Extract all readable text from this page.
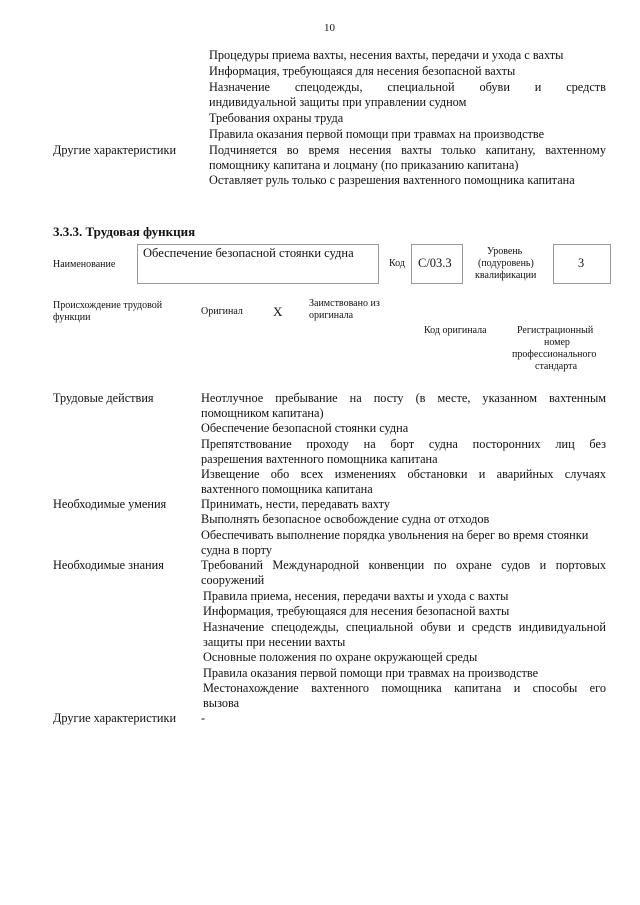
10
Другие характеристики
Процедуры приема вахты, несения вахты, передачи и ухода с вахты
Информация, требующаяся для несения безопасной вахты
Назначение спецодежды, специальной обуви и средств
индивидуальной защиты при управлении судном
Требования охраны труда
Правила оказания первой помощи при травмах на производстве
Подчиняется во время несения вахты только капитану, вахтенному
помощнику капитана и лоцману (по приказанию капитана)
Оставляет руль только с разрешения вахтенного помощника капитана
3.3.3. Трудовая функция
Наименование
Обеспечение безопасной стоянки судна
Код С/03.3
Уровень
(подуровень)
квалификации
3
Происхождение трудовой
функции
Оригинал X
Заимствовано из
оригинала
Код оригинала	Регистрационный
номер
профессионального
стандарта
Трудовые действия	Неотлучное пребывание на посту (в месте, указанном вахтенным
помощником капитана)
Обеспечение безопасной стоянки судна
Препятствование проходу на борт судна посторонних лиц без
разрешения вахтенного помощника капитана
Извещение обо всех изменениях обстановки и аварийных случаях
вахтенного помощника капитана
Необходимые умения	Принимать, нести, передавать вахту
Выполнять безопасное освобождение судна от отходов
Обеспечивать выполнение порядка увольнения на берег во время стоянки
судна в порту
Необходимые знания	Требований Международной конвенции по охране судов и портовых
сооружений
Правила приема, несения, передачи вахты и ухода с вахты
Информация, требующаяся для несения безопасной вахты
Назначение спецодежды, специальной обуви и средств индивидуальной
защиты при несении вахты
Основные положения по охране окружающей среды
Правила оказания первой помощи при травмах на производстве
Местонахождение вахтенного помощника капитана и способы его
вызова
Другие характеристики -
